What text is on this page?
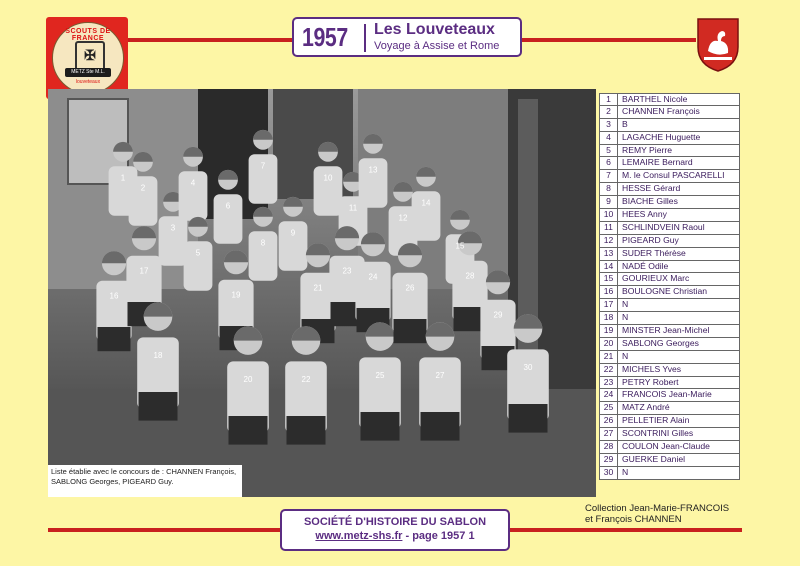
SCOUTS DE FRANCE
✠
METZ Ste M.L.
louveteaux
1957 Les Louveteaux
Voyage à Assise et Rome
1
2
3
4
5
6
7
8
9
10
11
12
13
14
15
16
17
18
19
20
21
22
23
24
25
26
27
28
29
30
Liste établie avec le concours de : CHANNEN François, SABLONG Georges, PIGEARD Guy.
1	BARTHEL Nicole
2	CHANNEN François
3	B
4	LAGACHE Huguette
5	REMY Pierre
6	LEMAIRE Bernard
7	M. le Consul PASCARELLI
8	HESSE Gérard
9	BIACHE Gilles
10	HEES Anny
11	SCHLINDVEIN Raoul
12	PIGEARD Guy
13	SUDER Thérèse
14	NADÉ Odile
15	GOURIEUX Marc
16	BOULOGNE Christian
17	N
18	N
19	MINSTER Jean-Michel
20	SABLONG Georges
21	N
22	MICHELS Yves
23	PETRY Robert
24	FRANCOIS Jean-Marie
25	MATZ André
26	PELLETIER Alain
27	SCONTRINI Gilles
28	COULON Jean-Claude
29	GUERKE Daniel
30	N
Collection Jean-Marie-FRANCOIS
et François CHANNEN
SOCIÉTÉ D'HISTOIRE DU SABLON
www.metz-shs.fr - page 1957 1
